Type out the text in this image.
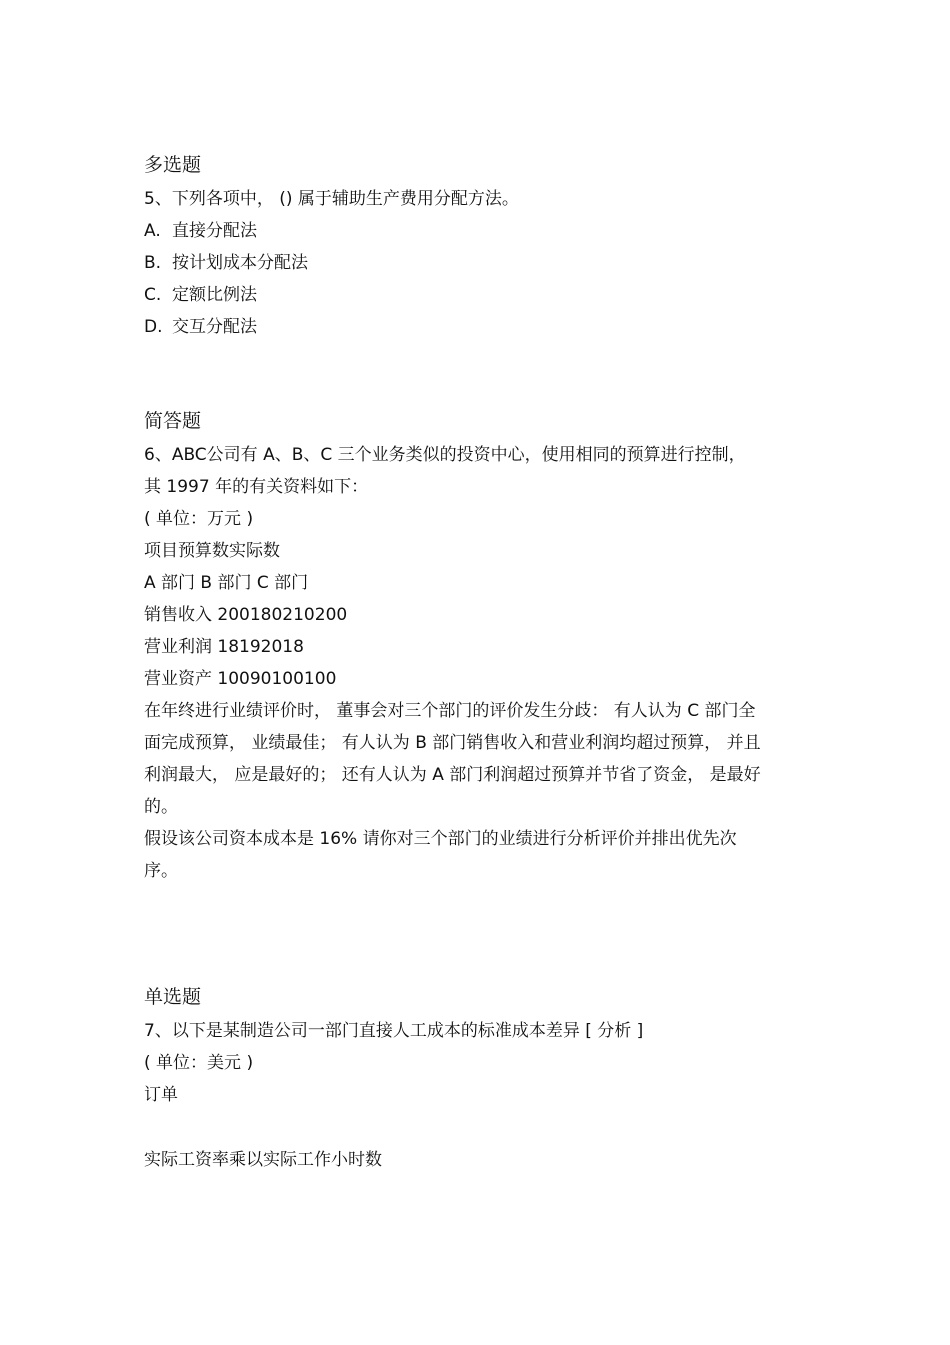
多选题
5、下列各项中， () 属于辅助生产费用分配方法。
A. 直接分配法
B. 按计划成本分配法
C. 定额比例法
D. 交互分配法
简答题
6、ABC公司有 A、B、C 三个业务类似的投资中心，使用相同的预算进行控制，
其 1997 年的有关资料如下：
( 单位：万元 )
项目预算数实际数
A 部门 B 部门 C 部门
销售收入 200180210200
营业利润 18192018
营业资产 10090100100
在年终进行业绩评价时， 董事会对三个部门的评价发生分歧： 有人认为 C 部门全
面完成预算， 业绩最佳； 有人认为 B 部门销售收入和营业利润均超过预算， 并且
利润最大， 应是最好的； 还有人认为 A 部门利润超过预算并节省了资金， 是最好
的。
假设该公司资本成本是 16% 请你对三个部门的业绩进行分析评价并排出优先次
序。
单选题
7、以下是某制造公司一部门直接人工成本的标准成本差异 [ 分析 ]
( 单位：美元 )
订单
实际工资率乘以实际工作小时数
